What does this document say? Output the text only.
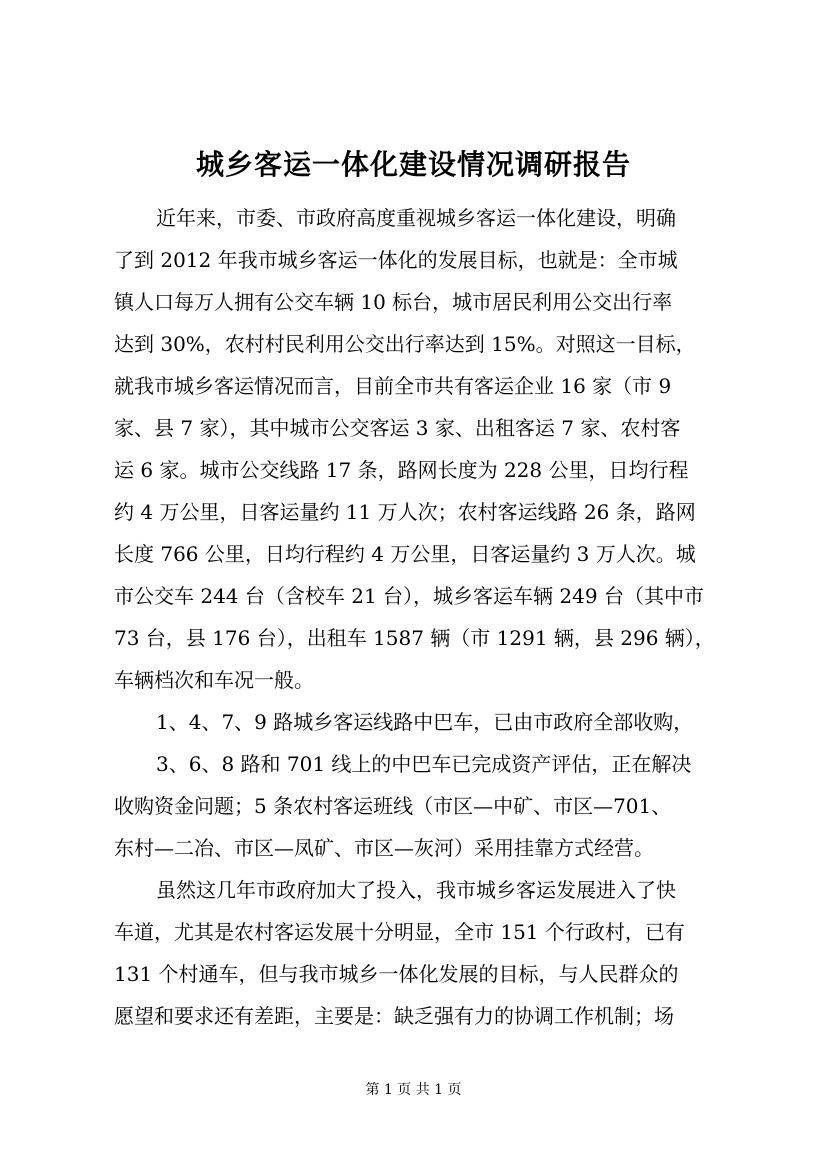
城乡客运一体化建设情况调研报告
近年来，市委、市政府高度重视城乡客运一体化建设，明确
了到 2012 年我市城乡客运一体化的发展目标，也就是：全市城
镇人口每万人拥有公交车辆 10 标台，城市居民利用公交出行率
达到 30%，农村村民利用公交出行率达到 15%。对照这一目标，
就我市城乡客运情况而言，目前全市共有客运企业 16 家（市 9
家、县 7 家），其中城市公交客运 3 家、出租客运 7 家、农村客
运 6 家。城市公交线路 17 条，路网长度为 228 公里，日均行程
约 4 万公里，日客运量约 11 万人次；农村客运线路 26 条，路网
长度 766 公里，日均行程约 4 万公里，日客运量约 3 万人次。城
市公交车 244 台（含校车 21 台），城乡客运车辆 249 台（其中市
73 台，县 176 台），出租车 1587 辆（市 1291 辆，县 296 辆），
车辆档次和车况一般。
1、4、7、9 路城乡客运线路中巴车，已由市政府全部收购，
3、6、8 路和 701 线上的中巴车已完成资产评估，正在解决
收购资金问题；5 条农村客运班线（市区—中矿、市区—701、
东村—二冶、市区—凤矿、市区—灰河）采用挂靠方式经营。
虽然这几年市政府加大了投入，我市城乡客运发展进入了快
车道，尤其是农村客运发展十分明显，全市 151 个行政村，已有
131 个村通车，但与我市城乡一体化发展的目标，与人民群众的
愿望和要求还有差距，主要是：缺乏强有力的协调工作机制；场
第 1 页 共 1 页
